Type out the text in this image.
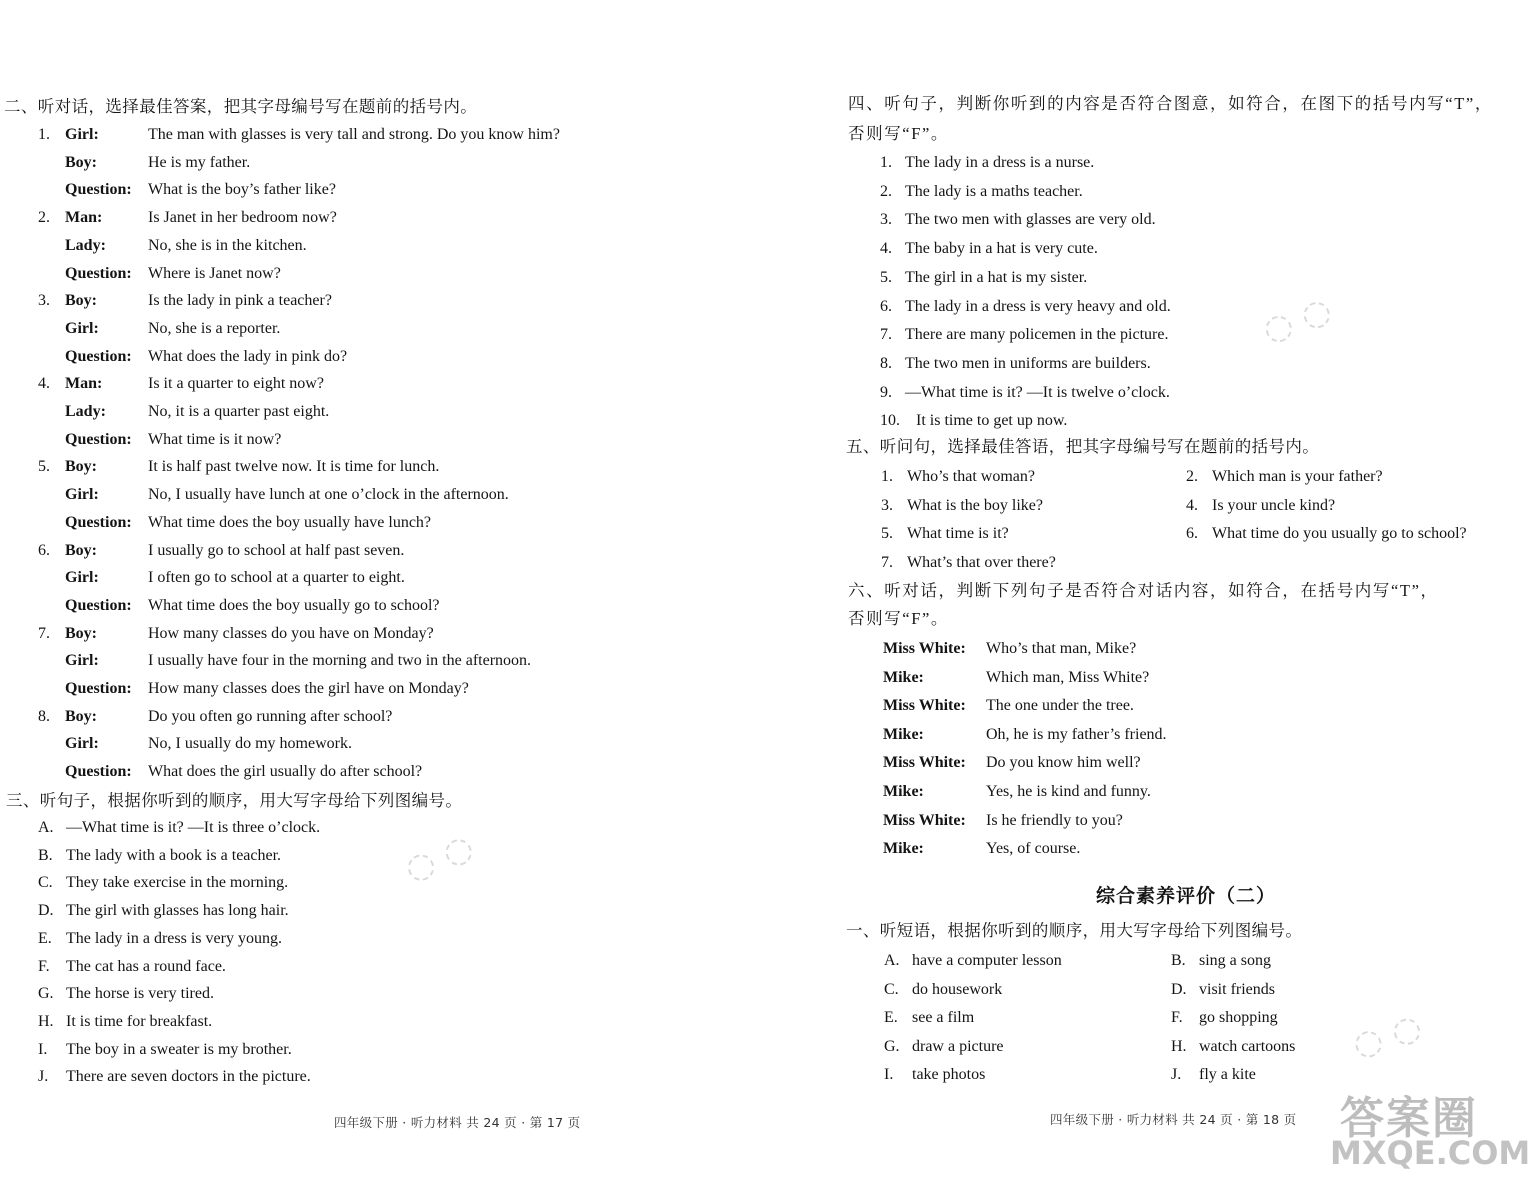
二、听对话，选择最佳答案，把其字母编号写在题前的括号内。
1. Girl:	The man with glasses is very tall and strong. Do you know him?
Boy:	He is my father.
Question: What is the boy’s father like?
2. Man:	Is Janet in her bedroom now?
Lady:	No, she is in the kitchen.
Question: Where is Janet now?
3. Boy:	Is the lady in pink a teacher?
Girl:	No, she is a reporter.
Question: What does the lady in pink do?
4. Man:	Is it a quarter to eight now?
Lady:	No, it is a quarter past eight.
Question: What time is it now?
5. Boy:	It is half past twelve now. It is time for lunch.
Girl:	No, I usually have lunch at one o’clock in the afternoon.
Question: What time does the boy usually have lunch?
6. Boy:	I usually go to school at half past seven.
Girl:	I often go to school at a quarter to eight.
Question: What time does the boy usually go to school?
7. Boy:	How many classes do you have on Monday?
Girl:	I usually have four in the morning and two in the afternoon.
Question: How many classes does the girl have on Monday?
8. Boy:	Do you often go running after school?
Girl:	No, I usually do my homework.
Question: What does the girl usually do after school?
三、听句子，根据你听到的顺序，用大写字母给下列图编号。
A. —What time is it? —It is three o’clock.
B. The lady with a book is a teacher.
C. They take exercise in the morning.
D. The girl with glasses has long hair.
E. The lady in a dress is very young.
F. The cat has a round face.
G. The horse is very tired.
H. It is time for breakfast.
I. The boy in a sweater is my brother.
J. There are seven doctors in the picture.
四年级下册 · 听力材料 共 24 页 · 第 17 页
四、听句子，判断你听到的内容是否符合图意，如符合，在图下的括号内写“T”，
否则写“F”。
1. The lady in a dress is a nurse.
2. The lady is a maths teacher.
3. The two men with glasses are very old.
4. The baby in a hat is very cute.
5. The girl in a hat is my sister.
6. The lady in a dress is very heavy and old.
7. There are many policemen in the picture.
8. The two men in uniforms are builders.
9. —What time is it? —It is twelve o’clock.
10. It is time to get up now.
五、听问句，选择最佳答语，把其字母编号写在题前的括号内。
1. Who’s that woman?	2. Which man is your father?
3. What is the boy like?	4. Is your uncle kind?
5. What time is it?	6. What time do you usually go to school?
7. What’s that over there?
六、听对话，判断下列句子是否符合对话内容，如符合，在括号内写“T”，
否则写“F”。
Miss White: Who’s that man, Mike?
Mike:	Which man, Miss White?
Miss White: The one under the tree.
Mike:	Oh, he is my father’s friend.
Miss White: Do you know him well?
Mike:	Yes, he is kind and funny.
Miss White: Is he friendly to you?
Mike:	Yes, of course.
综合素养评价（二）
一、听短语，根据你听到的顺序，用大写字母给下列图编号。
A. have a computer lesson	B. sing a song
C. do housework	D. visit friends
E. see a film	F. go shopping
G. draw a picture	H. watch cartoons
I. take photos	J. fly a kite
四年级下册 · 听力材料 共 24 页 · 第 18 页
◌ ◌
◌ ◌
◌ ◌
答案圈
MXQE.COM
